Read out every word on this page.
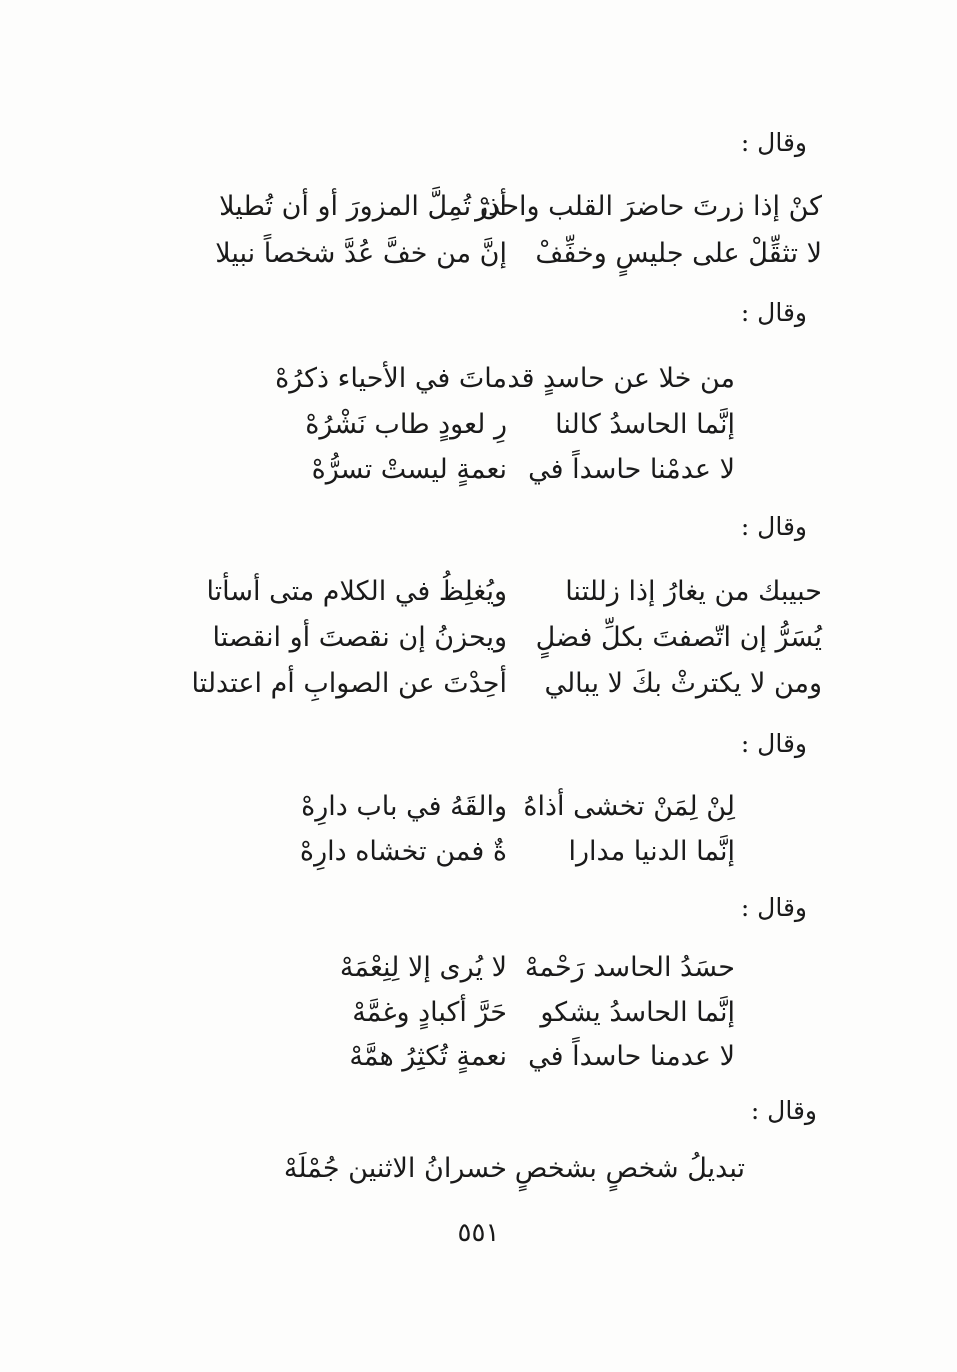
وقال :
كنْ إذا زرتَ حاضرَ القلب واحذرْ
أن تُمِلَّ المزورَ أو أن تُطيلا
لا تثقِّلْ على جليسٍ وخفِّفْ
إنَّ من خفَّ عُدَّ شخصاً نبيلا
وقال :
من خلا عن حاسدٍ قد
ماتَ في الأحياء ذكرُهْ
إنَّما الحاسدُ كالنا
رِ لعودٍ طاب نَشْرُهْ
لا عدمْنا حاسداً في
نعمةٍ ليستْ تسرُّهْ
وقال :
حبيبك من يغارُ إذا زللتنا
ويُغلِظُ في الكلام متى أسأتا
يُسَرُّ إن اتّصفتَ بكلِّ فضلٍ
ويحزنُ إن نقصتَ أو انقصتا
ومن لا يكترثْ بكَ لا يبالي
أحِدْتَ عن الصوابِ أم اعتدلتا
وقال :
لِنْ لِمَنْ تخشى أذاهُ
والقَهُ في باب دارِهْ
إنَّما الدنيا مدارا
ةٌ فمن تخشاه دارِهْ
وقال :
حسَدُ الحاسد رَحْمهْ
لا يُرى إلا لِنِعْمَهْ
إنَّما الحاسدُ يشكو
حَرَّ أكبادٍ وغمَّهْ
لا عدمنا حاسداً في
نعمةٍ تُكثِرُ همَّهْ
وقال :
تبديلُ شخصٍ بشخصٍ
خسرانُ الاثنين جُمْلَهْ
٥٥١
